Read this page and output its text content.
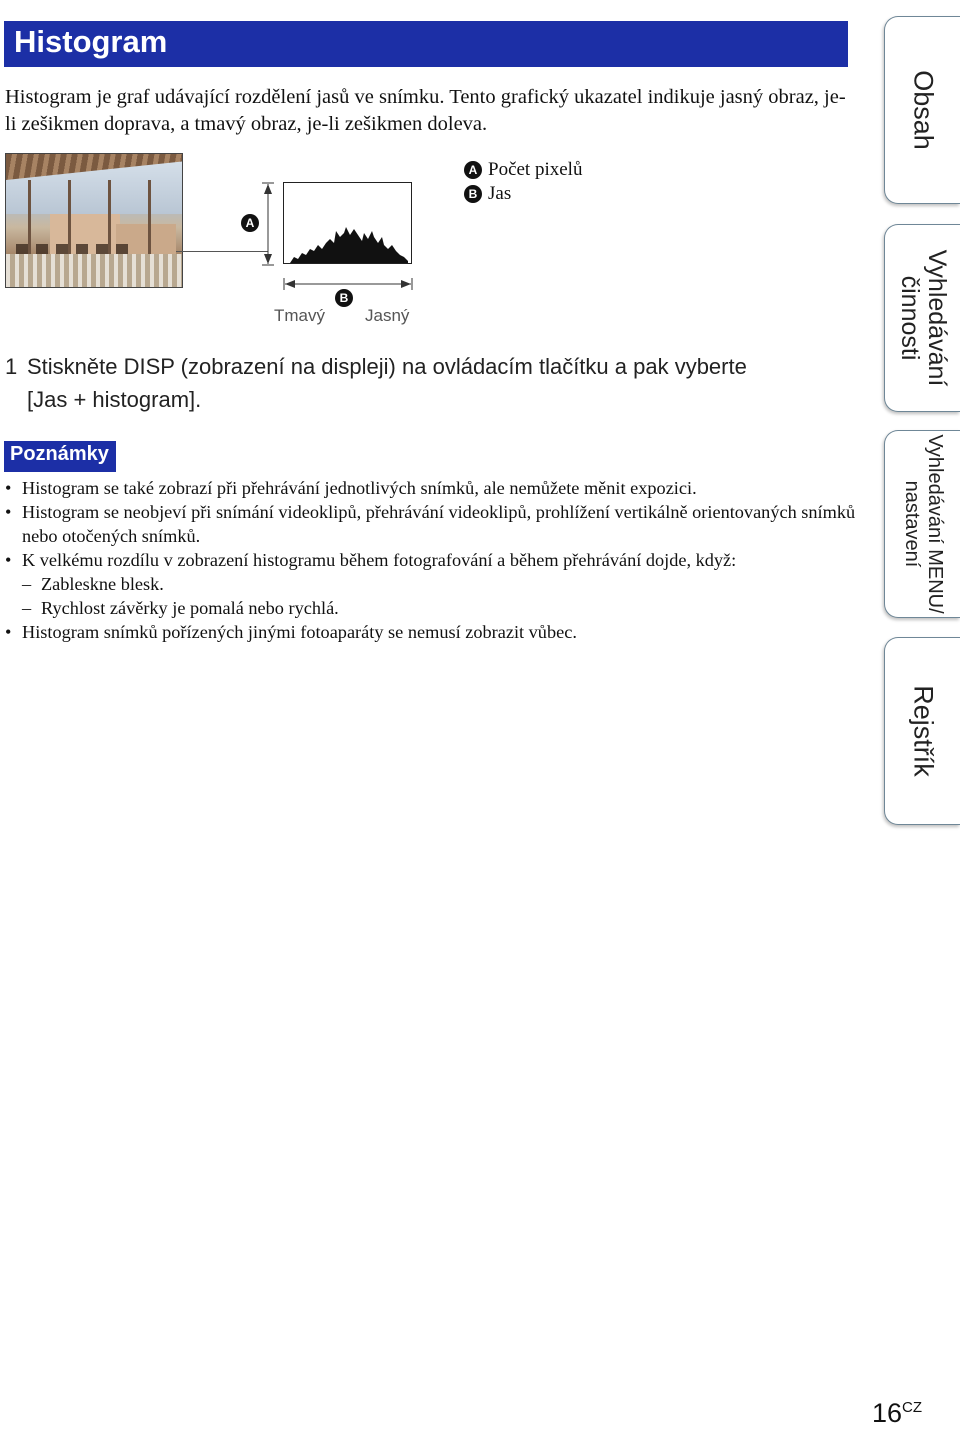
Histogram

Histogram je graf udávající rozdělení jasů ve snímku. Tento grafický ukazatel indikuje jasný obraz, je-li zešikmen doprava, a tmavý obraz, je-li zešikmen doleva.

A
B
Tmavý Jasný
A Počet pixelů
B Jas
1 Stiskněte DISP (zobrazení na displeji) na ovládacím tlačítku a pak vyberte
[Jas + histogram].
Poznámky
• Histogram se také zobrazí při přehrávání jednotlivých snímků, ale nemůžete měnit expozici.
• Histogram se neobjeví při snímání videoklipů, přehrávání videoklipů, prohlížení vertikálně orientovaných snímků nebo otočených snímků.
• K velkému rozdílu v zobrazení histogramu během fotografování a během přehrávání dojde, když:
– Zableskne blesk.
– Rychlost závěrky je pomalá nebo rychlá.
• Histogram snímků pořízených jinými fotoaparáty se nemusí zobrazit vůbec.
Obsah
Vyhledávání
činnosti
Vyhledávání MENU/
nastavení
Rejstřík
$16^{CZ}$
